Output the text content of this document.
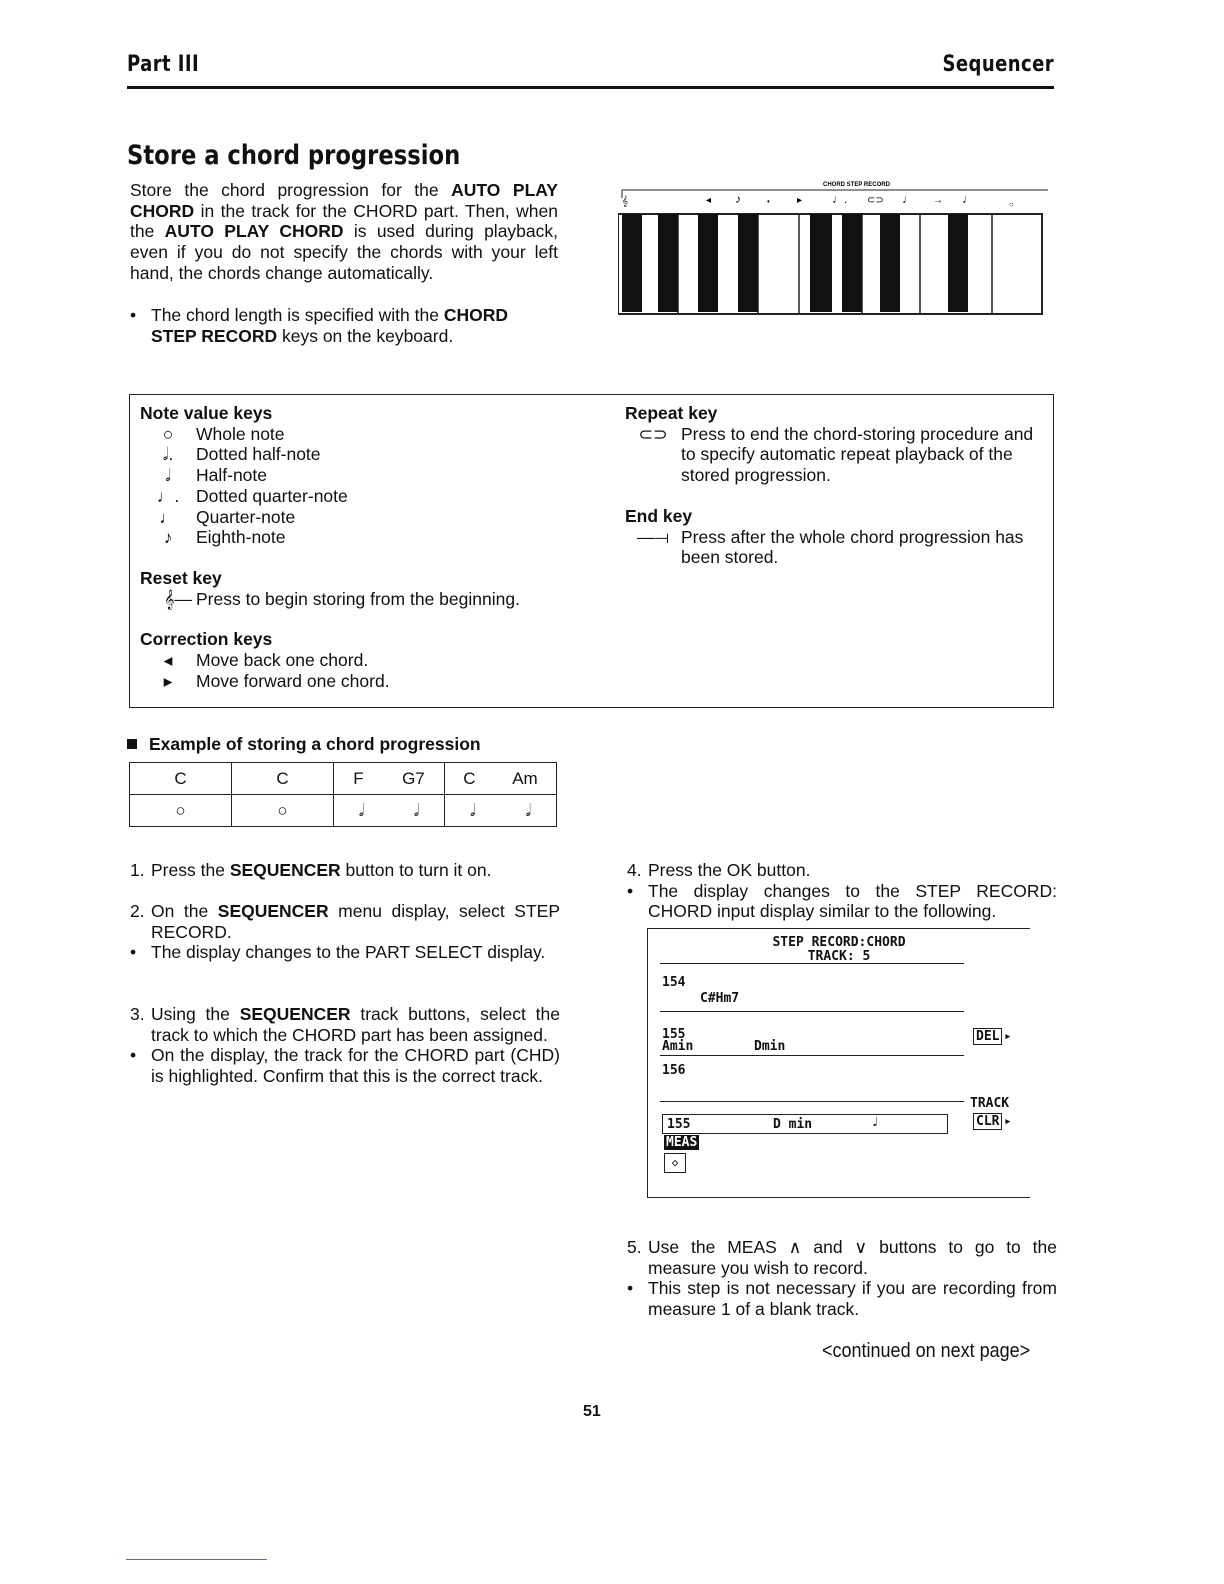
Part III	Sequencer
Store a chord progression
Store the chord progression for the AUTO PLAY CHORD in the track for the CHORD part. Then, when the AUTO PLAY CHORD is used during playback, even if you do not specify the chords with your left hand, the chords change automatically.
• The chord length is specified with the CHORD STEP RECORD keys on the keyboard.
CHORD STEP RECORD
𝄞	◂ ♪	•	▸ ♩. ⊂⊃ ♩ → ♩	○
Note value keys
○ Whole note
𝅗𝅥. Dotted half-note
𝅗𝅥 Half-note
♩. Dotted quarter-note
♩ Quarter-note
♪ Eighth-note
Reset key
𝄞— Press to begin storing from the beginning.
Correction keys
◂ Move back one chord.
▸ Move forward one chord.
Repeat key
⊂⊃ Press to end the chord-storing procedure and to specify automatic repeat playback of the stored progression.
End key
—⟞ Press after the whole chord progression has been stored.
Example of storing a chord progression
C	C	F G7	C Am

○	○	𝅗𝅥 𝅗𝅥	𝅗𝅥 𝅗𝅥
1. Press the SEQUENCER button to turn it on.
2. On the SEQUENCER menu display, select STEP RECORD.
• The display changes to the PART SELECT display.
3. Using the SEQUENCER track buttons, select the track to which the CHORD part has been assigned.
• On the display, the track for the CHORD part (CHD) is highlighted. Confirm that this is the correct track.
4. Press the OK button.
• The display changes to the STEP RECORD: CHORD input display similar to the following.
STEP RECORD:CHORD
TRACK: 5
154
C#Hm7
155
Amin	Dmin
156
155	D min	♩
MEAS
◇
DEL ▸
TRACK
CLR ▸
5. Use the MEAS ∧ and ∨ buttons to go to the measure you wish to record.
• This step is not necessary if you are recording from measure 1 of a blank track.
<continued on next page>
51
